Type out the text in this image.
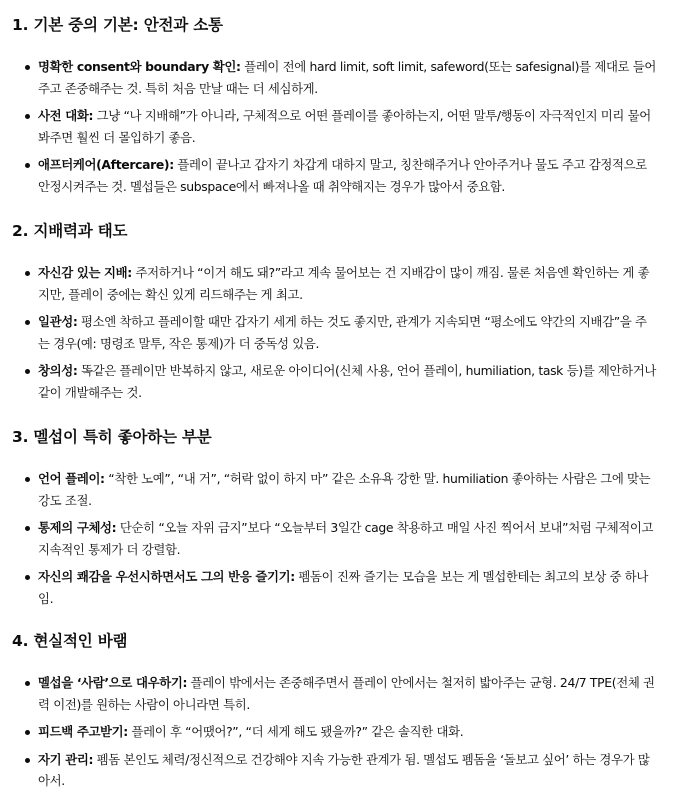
1. 기본 중의 기본: 안전과 소통
명확한 consent와 boundary 확인: 플레이 전에 hard limit, soft limit, safeword(또는 safesignal)를 제대로 들어주고 존중해주는 것. 특히 처음 만날 때는 더 세심하게.
사전 대화: 그냥 “나 지배해”가 아니라, 구체적으로 어떤 플레이를 좋아하는지, 어떤 말투/행동이 자극적인지 미리 물어봐주면 훨씬 더 몰입하기 좋음.
애프터케어(Aftercare): 플레이 끝나고 갑자기 차갑게 대하지 말고, 칭찬해주거나 안아주거나 물도 주고 감정적으로 안정시켜주는 것. 멜섭들은 subspace에서 빠져나올 때 취약해지는 경우가 많아서 중요함.
2. 지배력과 태도
자신감 있는 지배: 주저하거나 “이거 해도 돼?”라고 계속 물어보는 건 지배감이 많이 깨짐. 물론 처음엔 확인하는 게 좋지만, 플레이 중에는 확신 있게 리드해주는 게 최고.
일관성: 평소엔 착하고 플레이할 때만 갑자기 세게 하는 것도 좋지만, 관계가 지속되면 “평소에도 약간의 지배감”을 주는 경우(예: 명령조 말투, 작은 통제)가 더 중독성 있음.
창의성: 똑같은 플레이만 반복하지 않고, 새로운 아이디어(신체 사용, 언어 플레이, humiliation, task 등)를 제안하거나 같이 개발해주는 것.
3. 멜섭이 특히 좋아하는 부분
언어 플레이: “착한 노예”, “내 거”, “허락 없이 하지 마” 같은 소유욕 강한 말. humiliation 좋아하는 사람은 그에 맞는 강도 조절.
통제의 구체성: 단순히 “오늘 자위 금지”보다 “오늘부터 3일간 cage 착용하고 매일 사진 찍어서 보내”처럼 구체적이고 지속적인 통제가 더 강렬함.
자신의 쾌감을 우선시하면서도 그의 반응 즐기기: 펨돔이 진짜 즐기는 모습을 보는 게 멜섭한테는 최고의 보상 중 하나임.
4. 현실적인 바램
멜섭을 ‘사람’으로 대우하기: 플레이 밖에서는 존중해주면서 플레이 안에서는 철저히 밟아주는 균형. 24/7 TPE(전체 권력 이전)를 원하는 사람이 아니라면 특히.
피드백 주고받기: 플레이 후 “어땠어?”, “더 세게 해도 됐을까?” 같은 솔직한 대화.
자기 관리: 펨돔 본인도 체력/정신적으로 건강해야 지속 가능한 관계가 됨. 멜섭도 펨돔을 ‘돌보고 싶어’ 하는 경우가 많아서.
